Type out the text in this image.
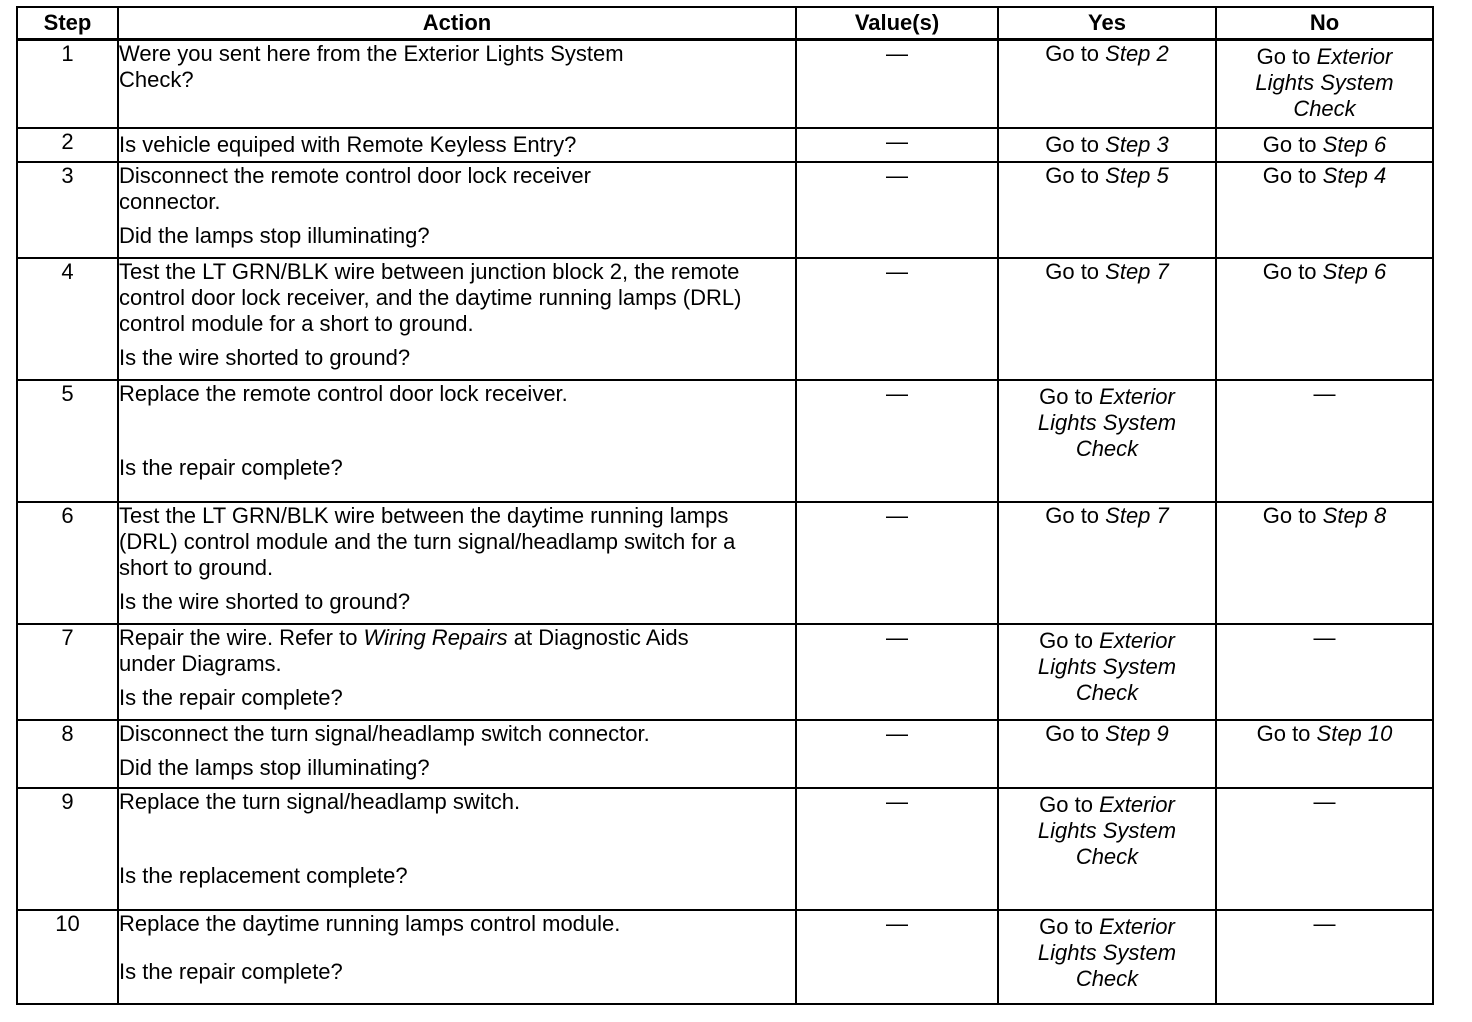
Step	Action	Value(s)	Yes	No
1	Were you sent here from the Exterior Lights System Check?	—	Go to Step 2	Go to Exterior Lights System Check
2	Is vehicle equiped with Remote Keyless Entry?	—	Go to Step 3	Go to Step 6
3	Disconnect the remote control door lock receiver connector.

Did the lamps stop illuminating?	—	Go to Step 5	Go to Step 4
4	Test the LT GRN/BLK wire between junction block 2, the remote control door lock receiver, and the daytime running lamps (DRL) control module for a short to ground.

Is the wire shorted to ground?	—	Go to Step 7	Go to Step 6
5	Replace the remote control door lock receiver.

Is the repair complete?	—	Go to Exterior Lights System Check	—
6	Test the LT GRN/BLK wire between the daytime running lamps (DRL) control module and the turn signal/headlamp switch for a short to ground.

Is the wire shorted to ground?	—	Go to Step 7	Go to Step 8
7	Repair the wire. Refer to Wiring Repairs at Diagnostic Aids under Diagrams.

Is the repair complete?	—	Go to Exterior Lights System Check	—
8	Disconnect the turn signal/headlamp switch connector.

Did the lamps stop illuminating?	—	Go to Step 9	Go to Step 10
9	Replace the turn signal/headlamp switch.

Is the replacement complete?	—	Go to Exterior Lights System Check	—
10	Replace the daytime running lamps control module.

Is the repair complete?	—	Go to Exterior Lights System Check	—
